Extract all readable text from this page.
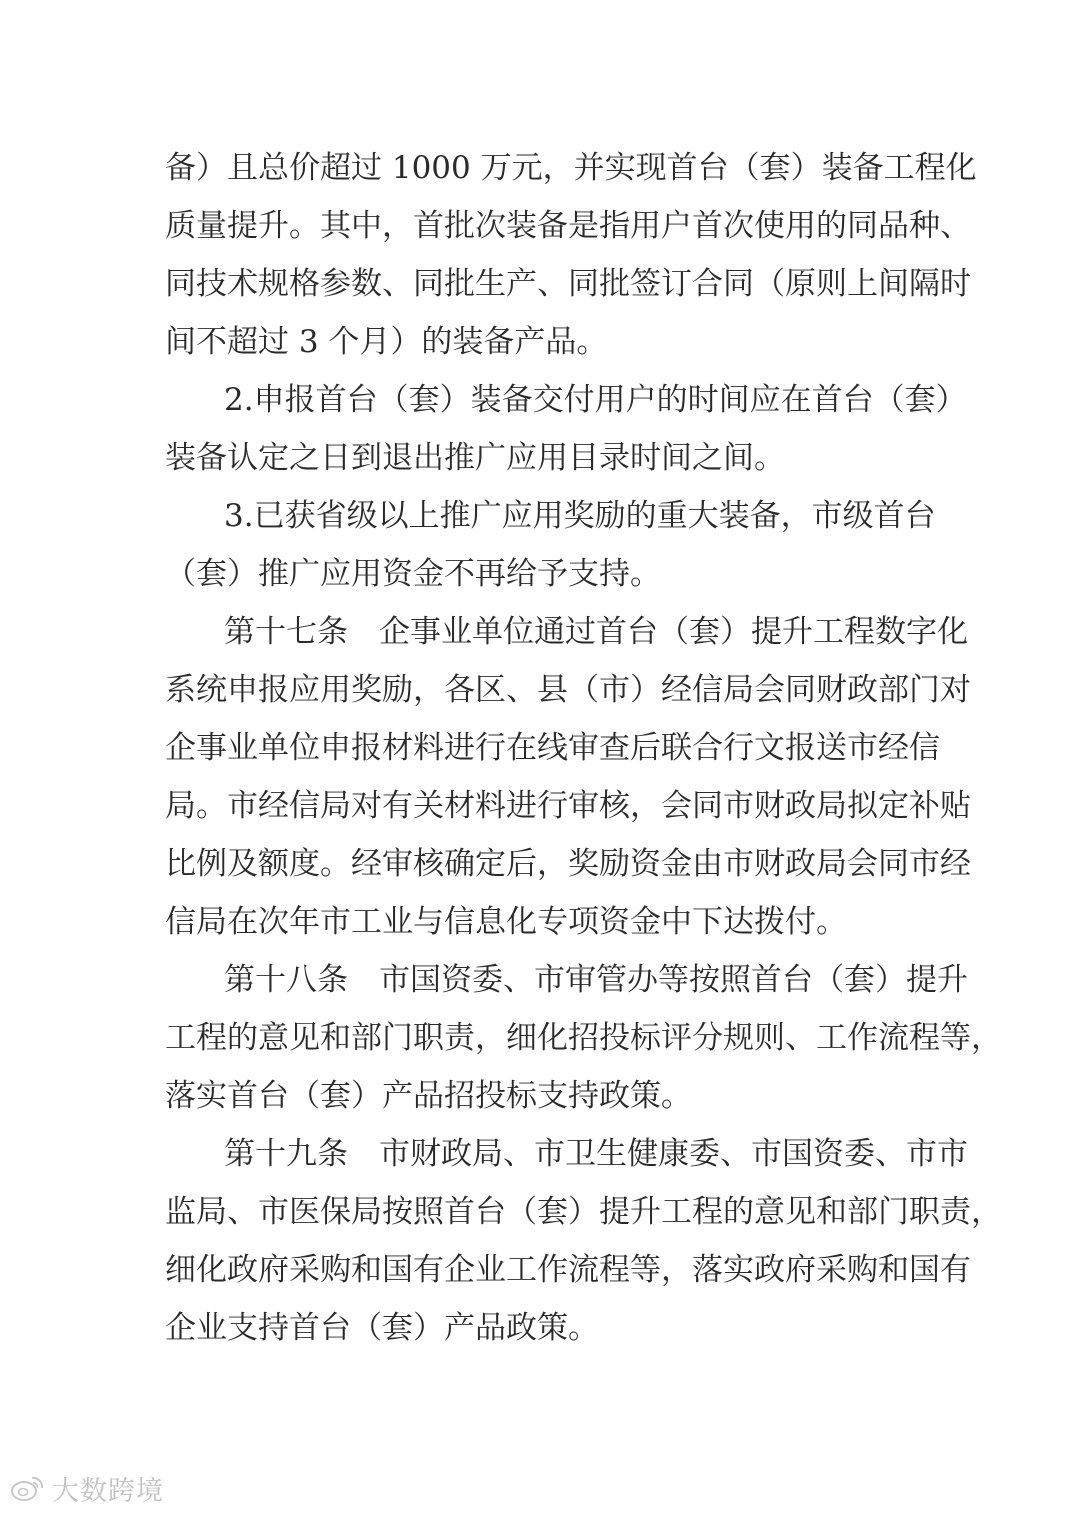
备）且总价超过 1000 万元，并实现首台（套）装备工程化
质量提升。其中，首批次装备是指用户首次使用的同品种、
同技术规格参数、同批生产、同批签订合同（原则上间隔时
间不超过 3 个月）的装备产品。
2.申报首台（套）装备交付用户的时间应在首台（套）
装备认定之日到退出推广应用目录时间之间。
3.已获省级以上推广应用奖励的重大装备，市级首台
（套）推广应用资金不再给予支持。
第十七条　企事业单位通过首台（套）提升工程数字化
系统申报应用奖励，各区、县（市）经信局会同财政部门对
企事业单位申报材料进行在线审查后联合行文报送市经信
局。市经信局对有关材料进行审核，会同市财政局拟定补贴
比例及额度。经审核确定后，奖励资金由市财政局会同市经
信局在次年市工业与信息化专项资金中下达拨付。
第十八条　市国资委、市审管办等按照首台（套）提升
工程的意见和部门职责，细化招投标评分规则、工作流程等，
落实首台（套）产品招投标支持政策。
第十九条　市财政局、市卫生健康委、市国资委、市市
监局、市医保局按照首台（套）提升工程的意见和部门职责，
细化政府采购和国有企业工作流程等，落实政府采购和国有
企业支持首台（套）产品政策。
大数跨境
